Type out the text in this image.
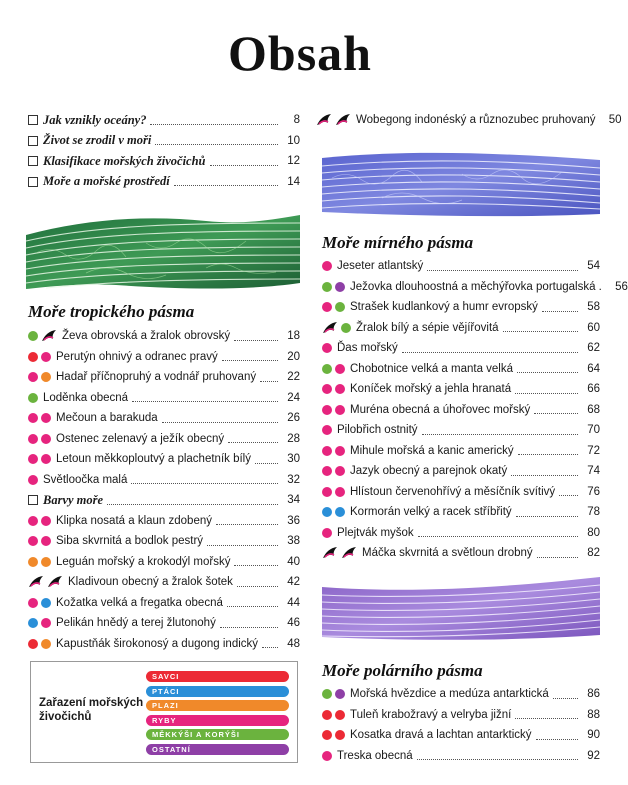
Obsah
Jak vznikly oceány?	8
Život se zrodil v moři	10
Klasifikace mořských živočichů	12
Moře a mořské prostředí	14
Moře tropického pásma
Ževa obrovská a žralok obrovský	18
Perutýn ohnivý a odranec pravý	20
Hadař příčnopruhý a vodnář pruhovaný	22
Loděnka obecná	24
Mečoun a barakuda	26
Ostenec zelenavý a ježík obecný	28
Letoun měkkoploutvý a plachetník bílý	30
Světloočka malá	32
Barvy moře	34
Klipka nosatá a klaun zdobený	36
Siba skvrnitá a bodlok pestrý	38
Leguán mořský a krokodýl mořský	40
Kladivoun obecný a žralok šotek	42
Kožatka velká a fregatka obecná	44
Pelikán hnědý a terej žlutonohý	46
Kapustňák širokonosý a dugong indický	48
Zařazení mořských živočichů
SAVCI
PTÁCI
PLAZI
RYBY
MĚKKÝŠI A KORÝŠI
OSTATNÍ
Wobegong indonéský a různozubec pruhovaný	50
Moře mírného pásma
Jeseter atlantský	54
Ježovka dlouhoostná a měchýřovka portugalská .	56
Strašek kudlankový a humr evropský	58
Žralok bílý a sépie vějířovitá	60
Ďas mořský	62
Chobotnice velká a manta velká	64
Koníček mořský a jehla hranatá	66
Muréna obecná a úhořovec mořský	68
Pilobřich ostnitý	70
Mihule mořská a kanic americký	72
Jazyk obecný a parejnok okatý	74
Hlístoun červenohřívý a měsíčník svítivý	76
Kormorán velký a racek stříbřitý	78
Plejtvák myšok	80
Máčka skvrnitá a světloun drobný	82
Moře polárního pásma
Mořská hvězdice a medúza antarktická	86
Tuleň krabožravý a velryba jižní	88
Kosatka dravá a lachtan antarktický	90
Treska obecná	92
